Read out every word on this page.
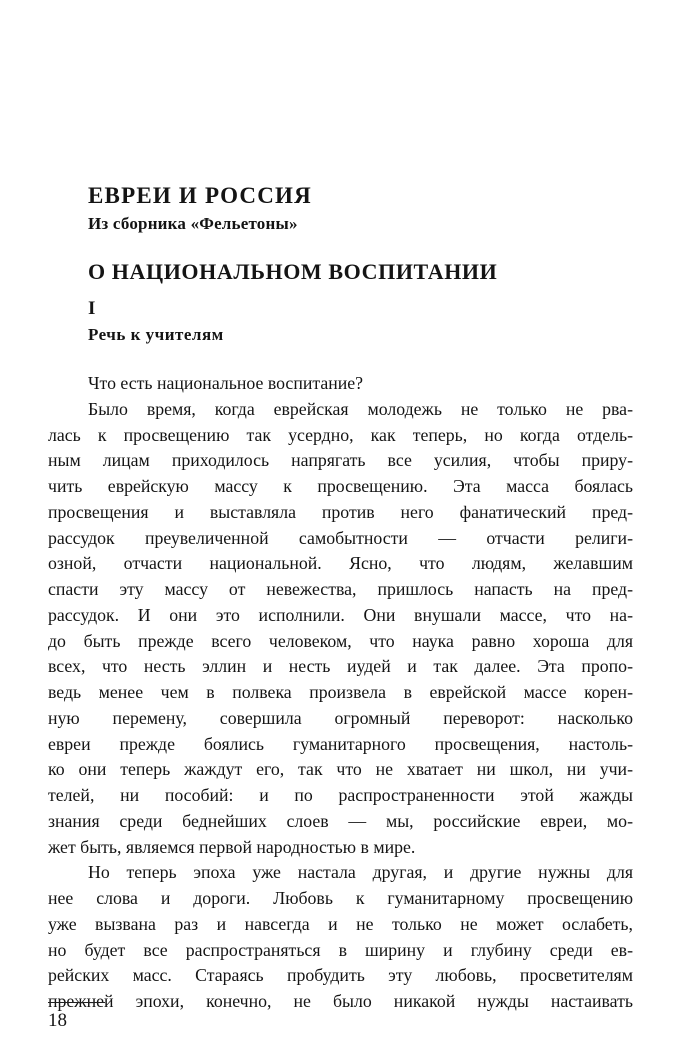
ЕВРЕИ И РОССИЯ
Из сборника «Фельетоны»
О НАЦИОНАЛЬНОМ ВОСПИТАНИИ
I
Речь к учителям
Что есть национальное воспитание?
Было время, когда еврейская молодежь не только не рва-
лась к просвещению так усердно, как теперь, но когда отдель-
ным лицам приходилось напрягать все усилия, чтобы приру-
чить еврейскую массу к просвещению. Эта масса боялась
просвещения и выставляла против него фанатический пред-
рассудок преувеличенной самобытности — отчасти религи-
озной, отчасти национальной. Ясно, что людям, желавшим
спасти эту массу от невежества, пришлось напасть на пред-
рассудок. И они это исполнили. Они внушали массе, что на-
до быть прежде всего человеком, что наука равно хороша для
всех, что несть эллин и несть иудей и так далее. Эта пропо-
ведь менее чем в полвека произвела в еврейской массе корен-
ную перемену, совершила огромный переворот: насколько
евреи прежде боялись гуманитарного просвещения, настоль-
ко они теперь жаждут его, так что не хватает ни школ, ни учи-
телей, ни пособий: и по распространенности этой жажды
знания среди беднейших слоев — мы, российские евреи, мо-
жет быть, являемся первой народностью в мире.
Но теперь эпоха уже настала другая, и другие нужны для
нее слова и дороги. Любовь к гуманитарному просвещению
уже вызвана раз и навсегда и не только не может ослабеть,
но будет все распространяться в ширину и глубину среди ев-
рейских масс. Стараясь пробудить эту любовь, просветителям
прежней эпохи, конечно, не было никакой нужды настаивать
18
